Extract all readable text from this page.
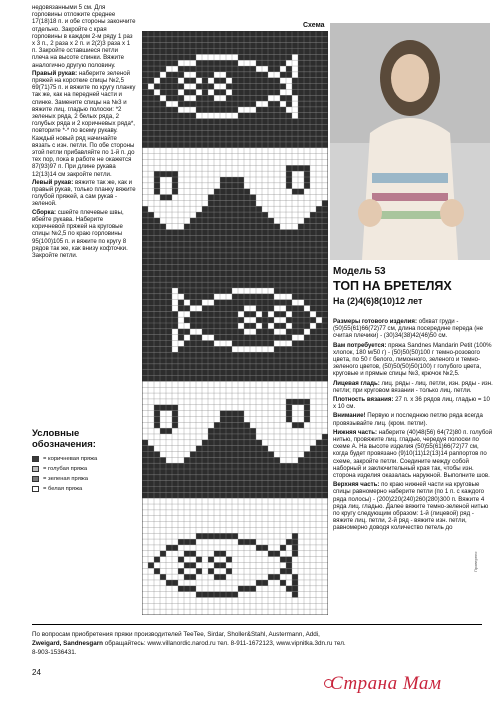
недовязанными 5 см. Для горловины отложите среднее 17(18)18 п. и обе стороны закончите отдельно. Закройте с края горловины в каждом 2-м ряду 1 раз х 3 п., 2 раза х 2 п. и 2(2)3 раза х 1 п. Закройте оставшиеся петли плеча на высоте спинки. Вяжите аналогично другую половину.

Правый рукав: наберите зеленой пряжей на короткие спицы №2,5 69(71)75 п. и вяжите по кругу планку так же, как на передней части и спинке. Замените спицы на №3 и вяжите лиц. гладью полоски: *2 зеленых ряда, 2 белых ряда, 2 голубых ряда и 2 коричневых ряда*, повторите *-* по всему рукаву. Каждый новый ряд начинайте вязать с изн. петли. По обе стороны этой петли прибавляйте по 1-й п. до тех пор, пока в работе не окажется 87(93)97 п. При длине рукава 12(13)14 см закройте петли.

Левый рукав: вяжите так же, как и правый рукав, только планку вяжите голубой пряжей, а сам рукав - зеленой.

Сборка: сшейте плечевые швы, вбейте рукава. Наберите коричневой пряжей на круговые спицы №2,5 по краю горловины 95(100)105 п. и вяжите по кругу 8 рядов так же, как внизу кофточки. Закройте петли.

Условные
обозначения:
= коричневая пряжа
= голубая пряжа
= зеленая пряжа
= белая пряжа
Схема
Модель 53
ТОП НА БРЕТЕЛЯХ
На (2)4(6)8(10)12 лет

Размеры готового изделия: обхват груди - (50)55(61)66(72)77 см, длина посередине переда (не считая плечики) - (30)34(38)42(46)50 см.

Вам потребуется: пряжа Sandnes Mandarin Petit (100% хлопок, 180 м/50 г) - (50)50(50)100 г темно-розового цвета, по 50 г белого, лимонного, зеленого и темно-зеленого цветов, (50)50(50)50(100) г голубого цвета, круговые и прямые спицы №3, крючок №2,5.

Лицевая гладь: лиц. ряды - лиц. петли, изн. ряды - изн. петли; при круговом вязании - только лиц. петли.

Плотность вязания: 27 п. х 36 рядов лиц. гладью = 10 х 10 см.

Внимание! Первую и последнюю петлю ряда всегда провязывайте лиц. (кром. петли).

Нижняя часть: наберите (40)48(56) 64(72)80 п. голубой нитью, провяжите лиц. гладью, чередуя полоски по схеме А. На высоте изделия (50)55(61)66(72)77 см, когда будет провязано (9)10(11)12(13)14 раппортов по схеме, закройте петли. Соедините между собой наборный и заключительный края так, чтобы изн. сторона изделия оказалась наружной. Выполните шов.

Верхняя часть: по краю нижней части на круговые спицы равномерно наберите петли (по 1 п. с каждого ряда полосы) - (200)220(240)260(280)300 п. Вяжите 4 ряда лиц. гладью. Далее вяжите темно-зеленой нитью по кругу следующим образом: 1-й (лицевой) ряд - вяжите лиц. петли, 2-й ряд - вяжите изн. петли, равномерно доводя количество петель до

По вопросам приобретения пряжи производителей TeeTee, Sirdar, Sholler&Stahl, Austermann, Addi,
Zweigard, Sandnesgarn обращайтесь: www.villanordic.narod.ru тел. 8-911-1672123, www.vipnitka.3dn.ru тел.
8-903-1536431.
24
Проверено
Страна Мам
